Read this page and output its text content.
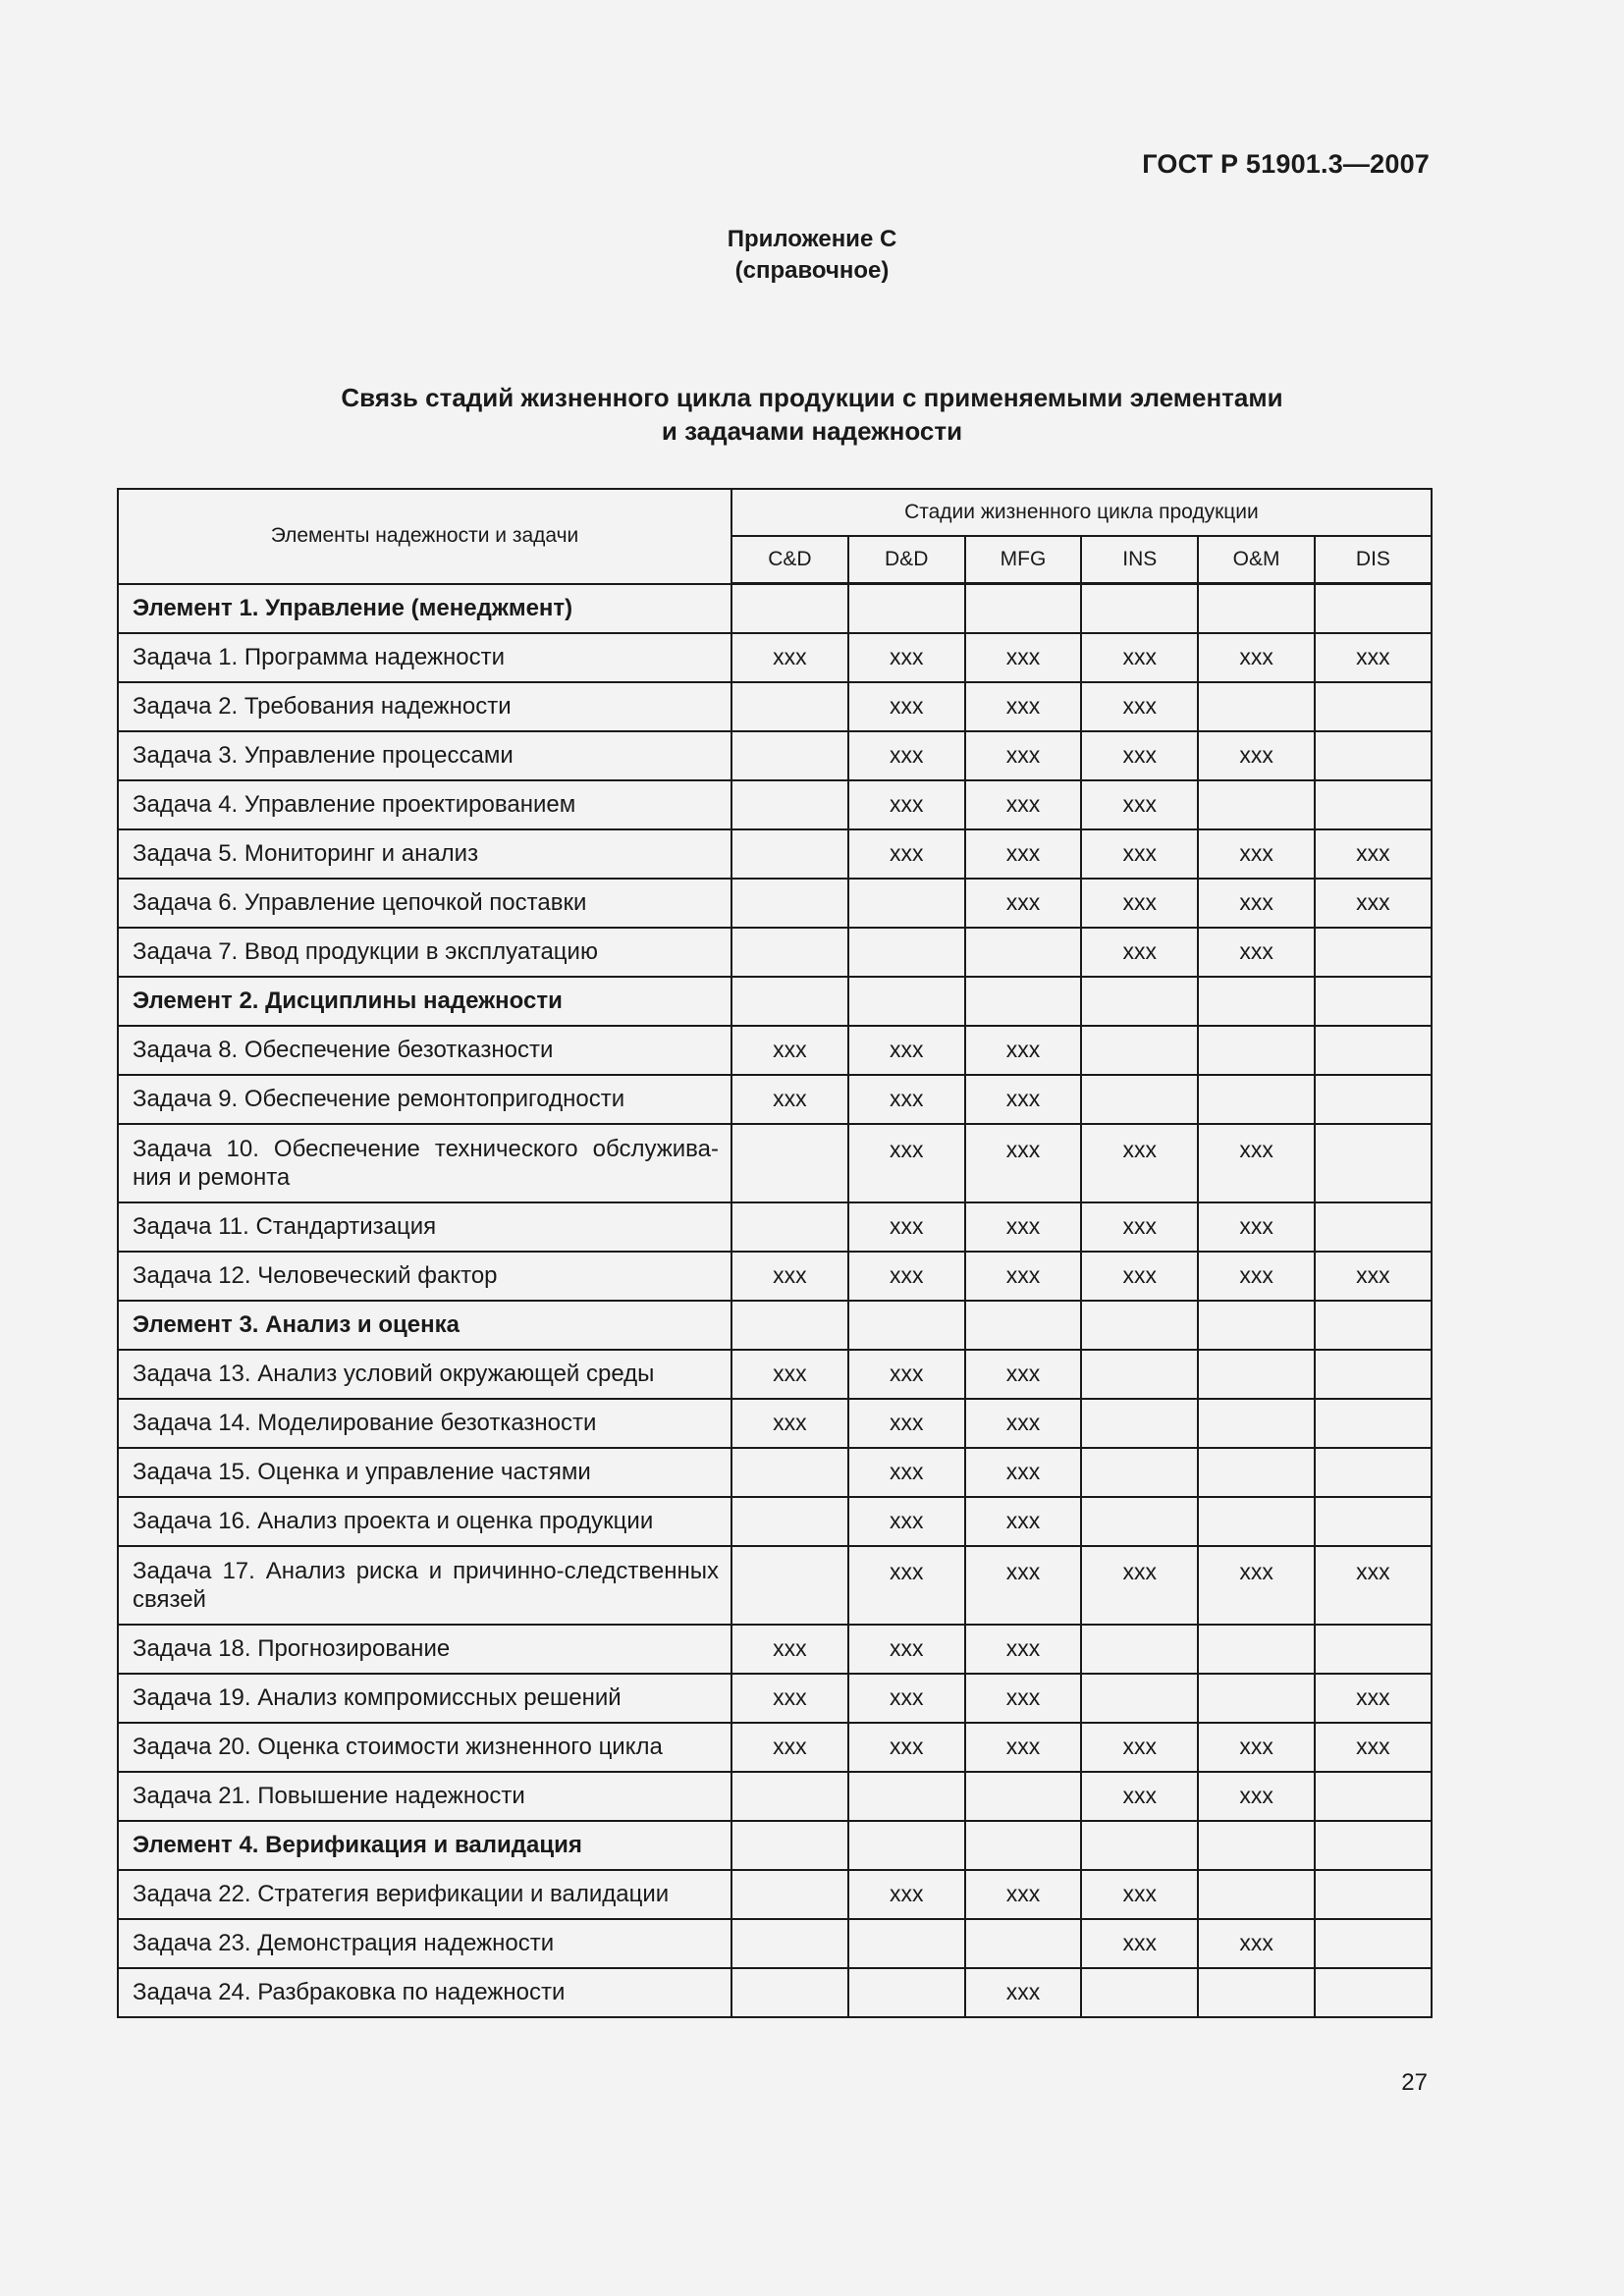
ГОСТ Р 51901.3—2007
Приложение С
(справочное)
Связь стадий жизненного цикла продукции с применяемыми элементами
и задачами надежности
Элементы надежности и задачи	Стадии жизненного цикла продукции					
	C&D	D&D	MFG	INS	O&M	DIS

Элемент 1. Управление (менеджмент)						

Задача 1. Программа надежности	ххх	ххх	ххх	ххх	ххх	ххх

Задача 2. Требования надежности		ххх	ххх	ххх		

Задача 3. Управление процессами		ххх	ххх	ххх	ххх	

Задача 4. Управление проектированием		ххх	ххх	ххх		

Задача 5. Мониторинг и анализ		ххх	ххх	ххх	ххх	ххх

Задача 6. Управление цепочкой поставки			ххх	ххх	ххх	ххх

Задача 7. Ввод продукции в эксплуатацию				ххх	ххх	

Элемент 2. Дисциплины надежности						

Задача 8. Обеспечение безотказности	ххх	ххх	ххх			

Задача 9. Обеспечение ремонтопригодности	ххх	ххх	ххх			

Задача 10. Обеспечение технического обслужива-ния и ремонта		ххх	ххх	ххх	ххх	

Задача 11. Стандартизация		ххх	ххх	ххх	ххх	

Задача 12. Человеческий фактор	ххх	ххх	ххх	ххх	ххх	ххх

Элемент 3. Анализ и оценка						

Задача 13. Анализ условий окружающей среды	ххх	ххх	ххх			

Задача 14. Моделирование безотказности	ххх	ххх	ххх			

Задача 15. Оценка и управление частями		ххх	ххх			

Задача 16. Анализ проекта и оценка продукции		ххх	ххх			

Задача 17. Анализ риска и причинно-следственных связей		ххх	ххх	ххх	ххх	ххх

Задача 18. Прогнозирование	ххх	ххх	ххх			

Задача 19. Анализ компромиссных решений	ххх	ххх	ххх			ххх

Задача 20. Оценка стоимости жизненного цикла	ххх	ххх	ххх	ххх	ххх	ххх

Задача 21. Повышение надежности				ххх	ххх	

Элемент 4. Верификация и валидация						

Задача 22. Стратегия верификации и валидации		ххх	ххх	ххх		

Задача 23. Демонстрация надежности				ххх	ххх	

Задача 24. Разбраковка по надежности			ххх			
27
